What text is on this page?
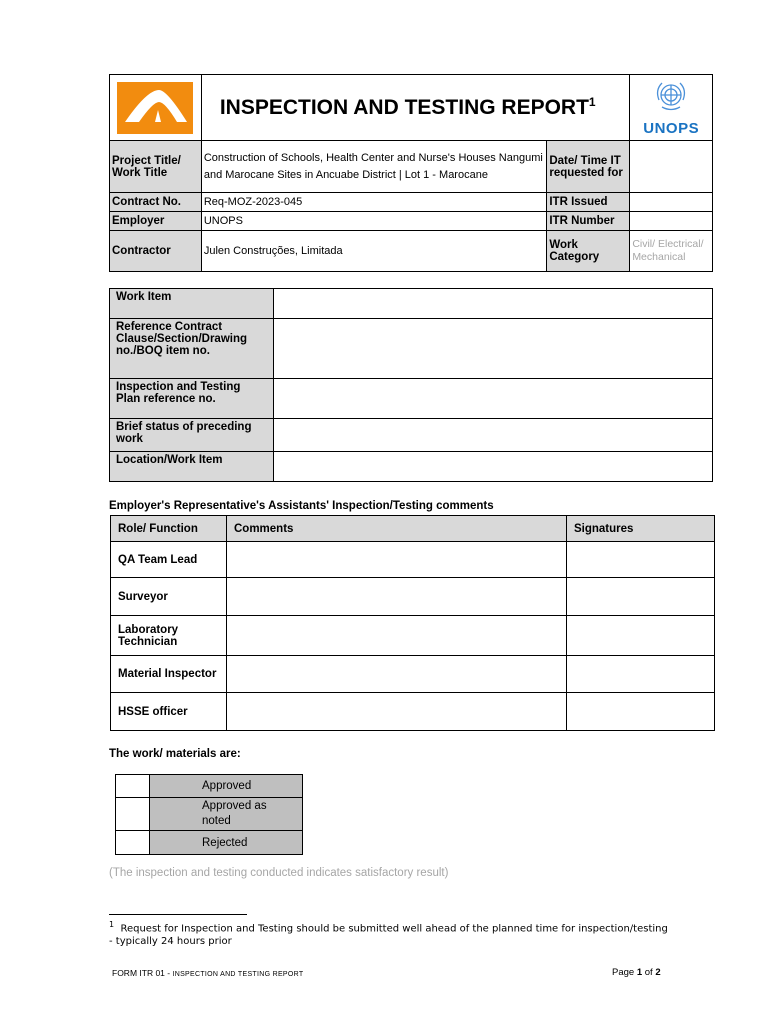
	INSPECTION AND TESTING REPORT$^1$		UNOPS

Project Title/ Work Title	Construction of Schools, Health Center and Nurse's Houses Nangumi and Marocane Sites in Ancuabe District | Lot 1 - Marocane	Date/ Time IT requested for	
Contract No.	Req-MOZ-2023-045	ITR Issued	
Employer	UNOPS	ITR Number	
Contractor	Julen Construções, Limitada	Work Category	Civil/ Electrical/ Mechanical
Work Item	
Reference Contract Clause/Section/Drawing no./BOQ item no.	
Inspection and Testing Plan reference no.	
Brief status of preceding work	
Location/Work Item	
Employer's Representative's Assistants' Inspection/Testing comments
Role/ Function	Comments	Signatures
QA Team Lead		
Surveyor		
Laboratory Technician		
Material Inspector		
HSSE officer		
The work/ materials are:
	Approved
	Approved as noted
	Rejected
(The inspection and testing conducted indicates satisfactory result)
$^1$ Request for Inspection and Testing should be submitted well ahead of the planned time for inspection/testing - typically 24 hours prior
FORM ITR 01 - INSPECTION AND TESTING REPORT	Page 1 of 2
